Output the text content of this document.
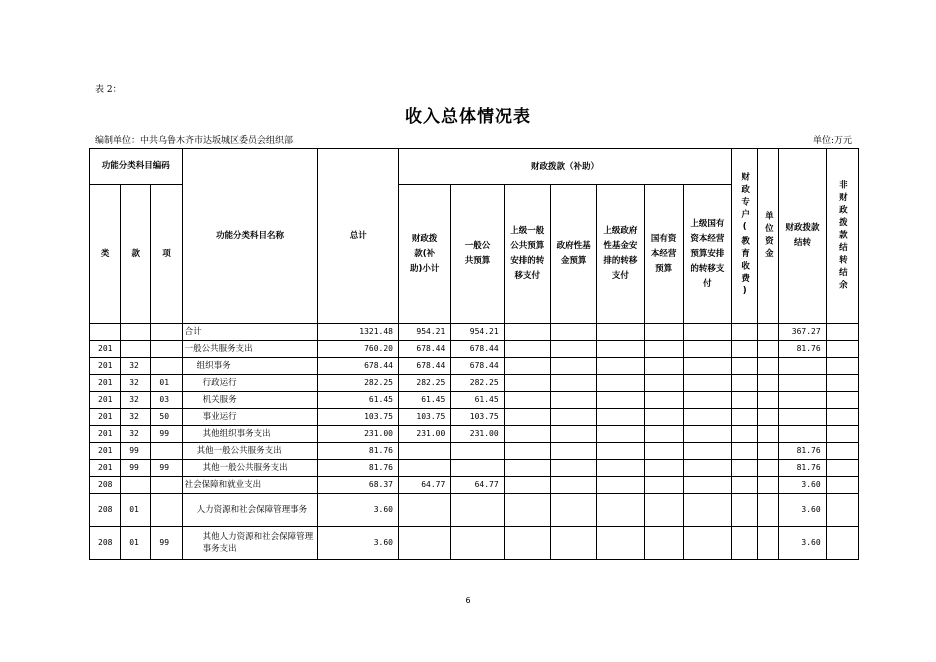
表 2：
收入总体情况表
编制单位：中共乌鲁木齐市达坂城区委员会组织部	单位:万元
功能分类科目编码			功能分类科目名称	总计	财政拨款（补助）							财政专户(教育收费)	单位资金	财政拨款结转	非财政拨款结转结余

类	款	项			财政拨款(补助)小计	一般公共预算	上级一般公共预算安排的转移支付	政府性基金预算	上级政府性基金安排的转移支付	国有资本经营预算	上级国有资本经营预算安排的转移支付				
			合计	1321.48	954.21	954.21								367.27	
201			一般公共服务支出	760.20	678.44	678.44								81.76	
201	32		组织事务	678.44	678.44	678.44									
201	32	01	行政运行	282.25	282.25	282.25									
201	32	03	机关服务	61.45	61.45	61.45									
201	32	50	事业运行	103.75	103.75	103.75									
201	32	99	其他组织事务支出	231.00	231.00	231.00									
201	99		其他一般公共服务支出	81.76										81.76	
201	99	99	其他一般公共服务支出	81.76										81.76	
208			社会保障和就业支出	68.37	64.77	64.77								3.60	
208	01		人力资源和社会保障管理事务	3.60										3.60	
208	01	99	其他人力资源和社会保障管理事务支出	3.60										3.60	
6
